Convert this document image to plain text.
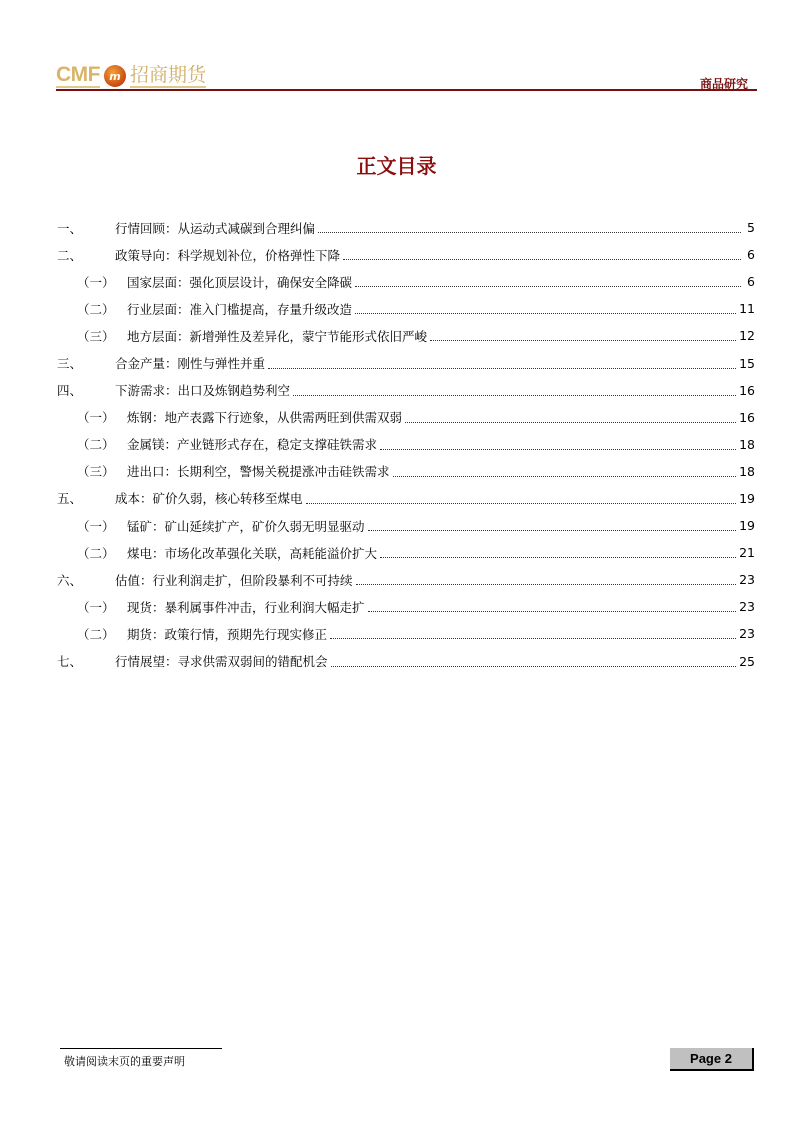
CMF m 招商期货	商品研究
正文目录
一、	行情回顾：从运动式减碳到合理纠偏	5
二、	政策导向：科学规划补位，价格弹性下降	6
（一） 国家层面：强化顶层设计，确保安全降碳	6
（二） 行业层面：准入门槛提高，存量升级改造	11
（三） 地方层面：新增弹性及差异化，蒙宁节能形式依旧严峻	12
三、	合金产量：刚性与弹性并重	15
四、	下游需求：出口及炼钢趋势利空	16
（一） 炼钢：地产表露下行迹象，从供需两旺到供需双弱	16
（二） 金属镁：产业链形式存在，稳定支撑硅铁需求	18
（三） 进出口：长期利空，警惕关税提涨冲击硅铁需求	18
五、	成本：矿价久弱，核心转移至煤电	19
（一） 锰矿：矿山延续扩产，矿价久弱无明显驱动	19
（二） 煤电：市场化改革强化关联，高耗能溢价扩大	21
六、	估值：行业利润走扩，但阶段暴利不可持续	23
（一） 现货：暴利属事件冲击，行业利润大幅走扩	23
（二） 期货：政策行情，预期先行现实修正	23
七、	行情展望：寻求供需双弱间的错配机会	25
敬请阅读末页的重要声明	Page 2
